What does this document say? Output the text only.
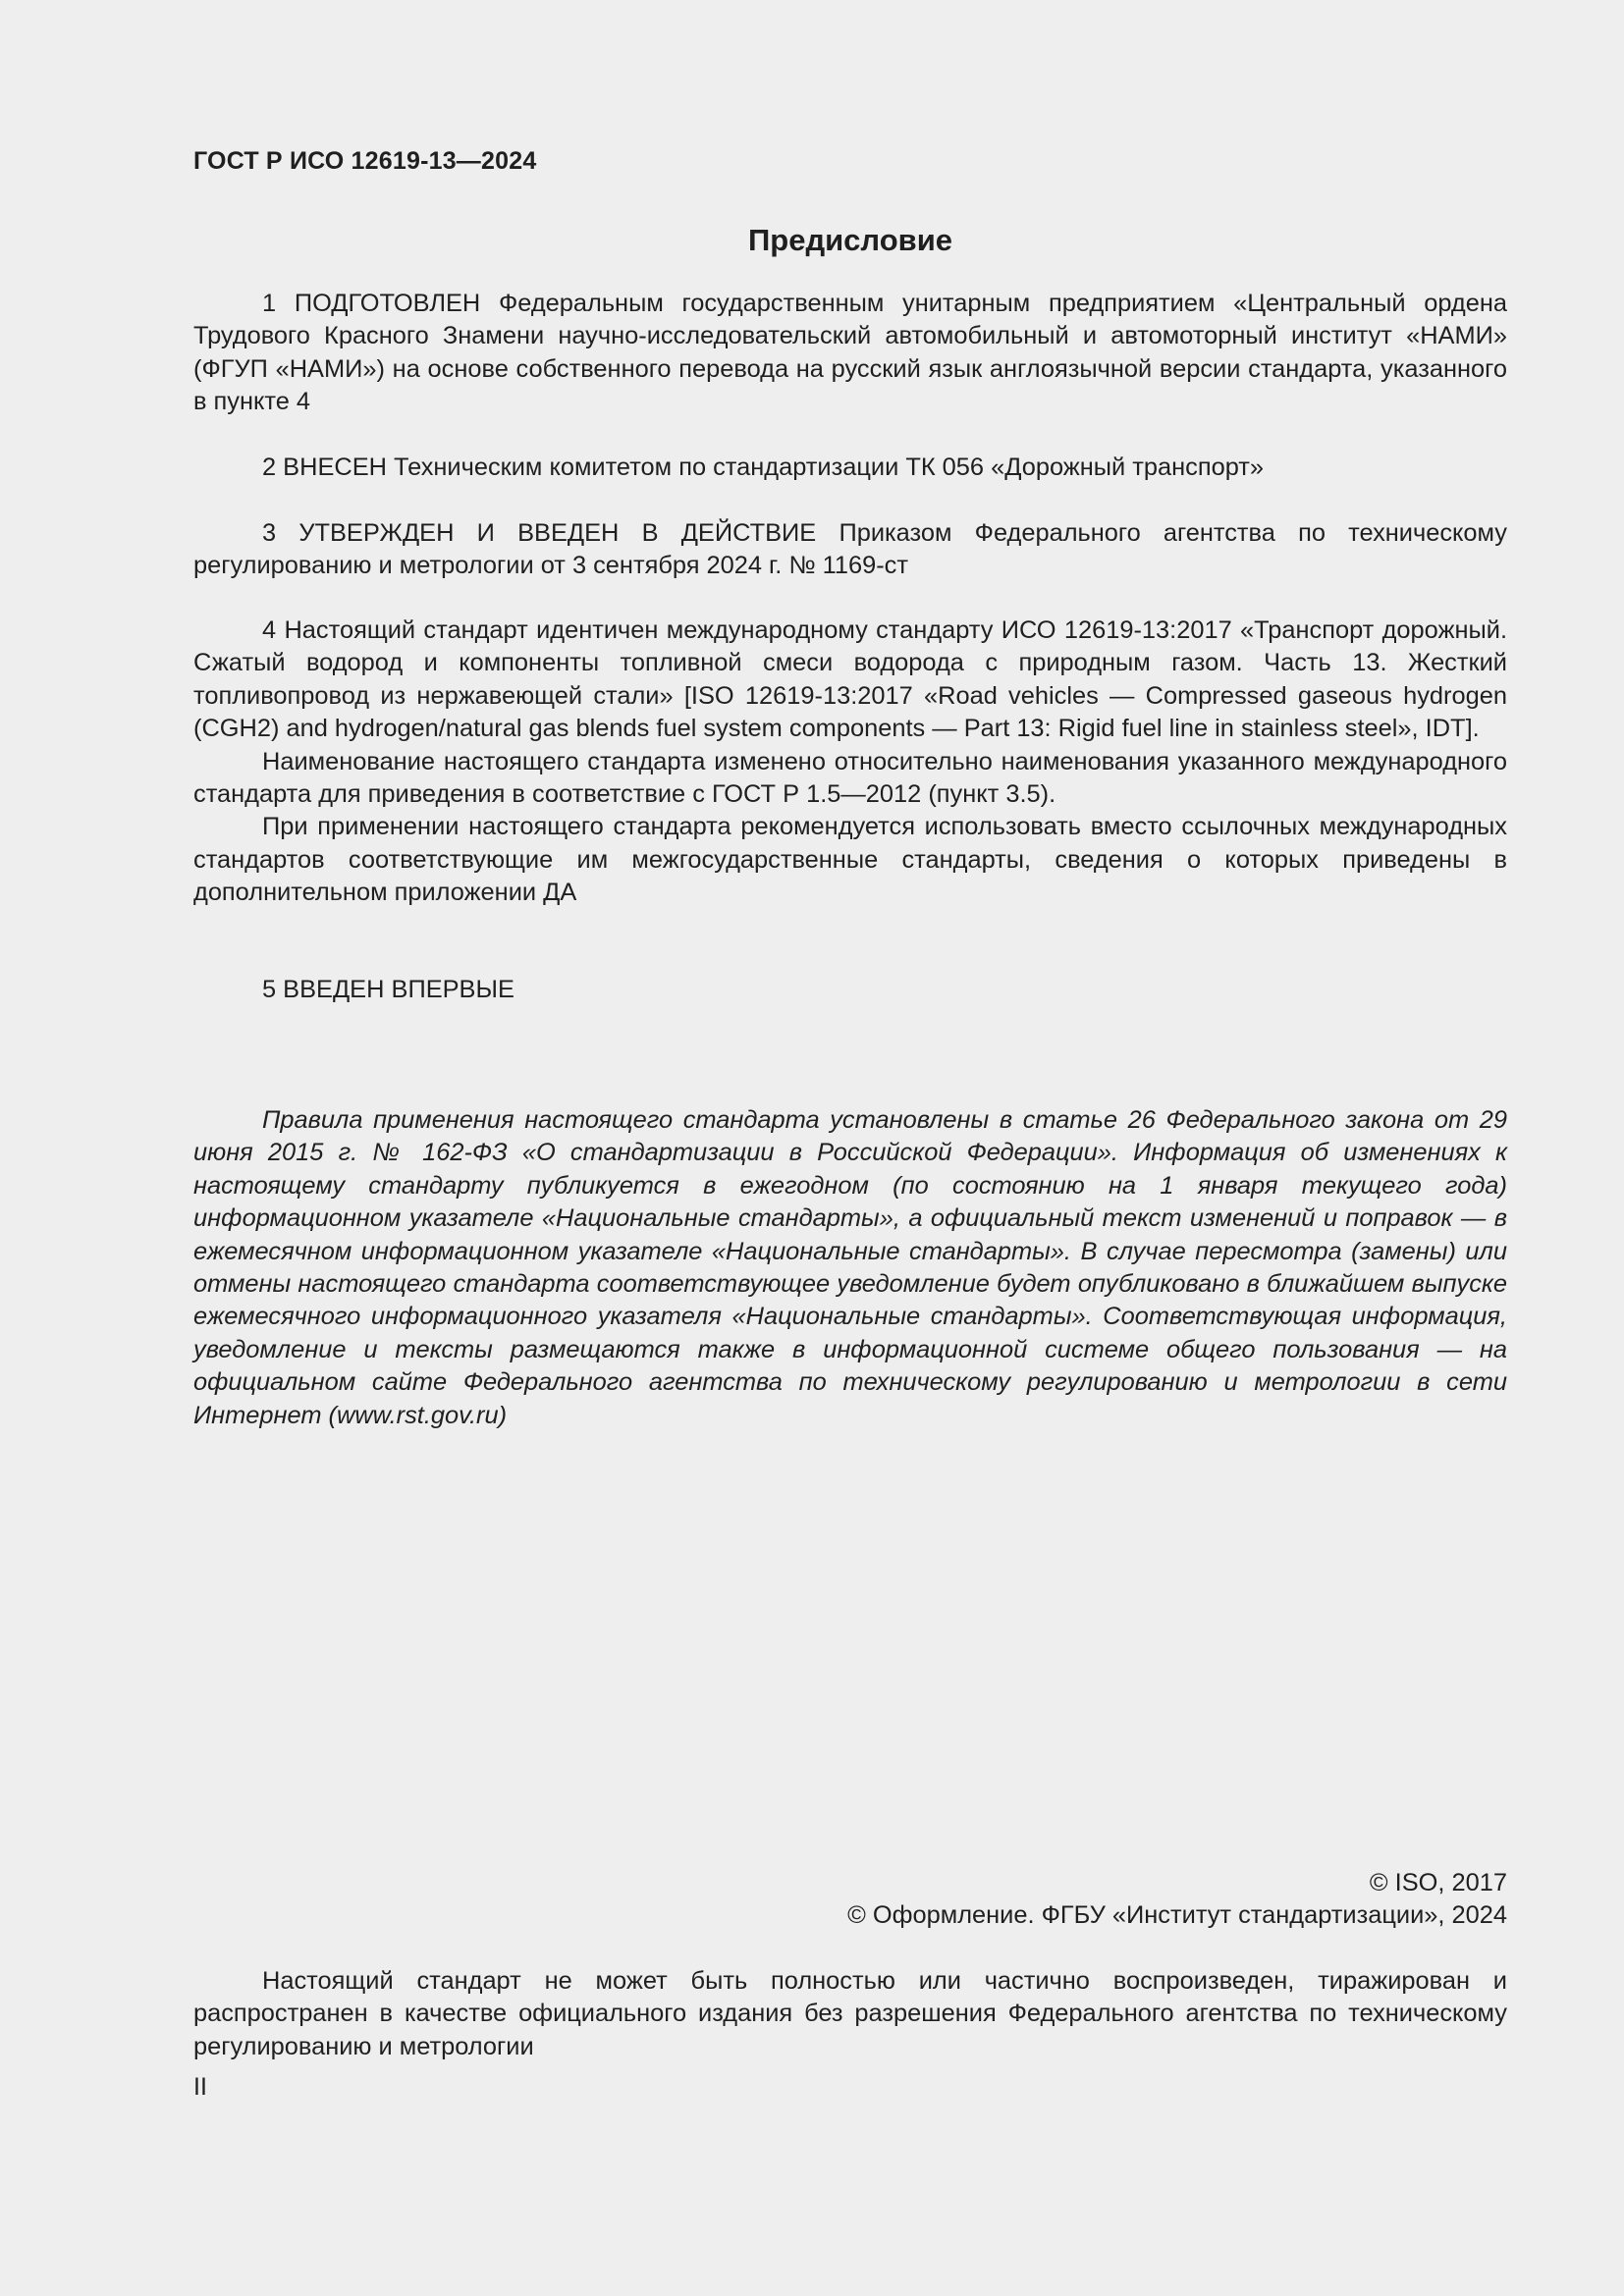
ГОСТ Р ИСО 12619-13—2024
Предисловие

1 ПОДГОТОВЛЕН Федеральным государственным унитарным предприятием «Центральный ордена Трудового Красного Знамени научно-исследовательский автомобильный и автомоторный институт «НАМИ» (ФГУП «НАМИ») на основе собственного перевода на русский язык англоязычной версии стандарта, указанного в пункте 4

2 ВНЕСЕН Техническим комитетом по стандартизации ТК 056 «Дорожный транспорт»

3 УТВЕРЖДЕН И ВВЕДЕН В ДЕЙСТВИЕ Приказом Федерального агентства по техническому регулированию и метрологии от 3 сентября 2024 г. № 1169-ст

4 Настоящий стандарт идентичен международному стандарту ИСО 12619-13:2017 «Транспорт дорожный. Сжатый водород и компоненты топливной смеси водорода с природным газом. Часть 13. Жесткий топливопровод из нержавеющей стали» [ISO 12619-13:2017 «Road vehicles — Compressed gaseous hydrogen (CGH2) and hydrogen/natural gas blends fuel system components — Part 13: Rigid fuel line in stainless steel», IDT].

Наименование настоящего стандарта изменено относительно наименования указанного международного стандарта для приведения в соответствие с ГОСТ Р 1.5—2012 (пункт 3.5).

При применении настоящего стандарта рекомендуется использовать вместо ссылочных международных стандартов соответствующие им межгосударственные стандарты, сведения о которых приведены в дополнительном приложении ДА

5 ВВЕДЕН ВПЕРВЫЕ

Правила применения настоящего стандарта установлены в статье 26 Федерального закона от 29 июня 2015 г. № 162-ФЗ «О стандартизации в Российской Федерации». Информация об изменениях к настоящему стандарту публикуется в ежегодном (по состоянию на 1 января текущего года) информационном указателе «Национальные стандарты», а официальный текст изменений и поправок — в ежемесячном информационном указателе «Национальные стандарты». В случае пересмотра (замены) или отмены настоящего стандарта соответствующее уведомление будет опубликовано в ближайшем выпуске ежемесячного информационного указателя «Национальные стандарты». Соответствующая информация, уведомление и тексты размещаются также в информационной системе общего пользования — на официальном сайте Федерального агентства по техническому регулированию и метрологии в сети Интернет (www.rst.gov.ru)

© ISO, 2017
© Оформление. ФГБУ «Институт стандартизации», 2024

Настоящий стандарт не может быть полностью или частично воспроизведен, тиражирован и распространен в качестве официального издания без разрешения Федерального агентства по техническому регулированию и метрологии

II
